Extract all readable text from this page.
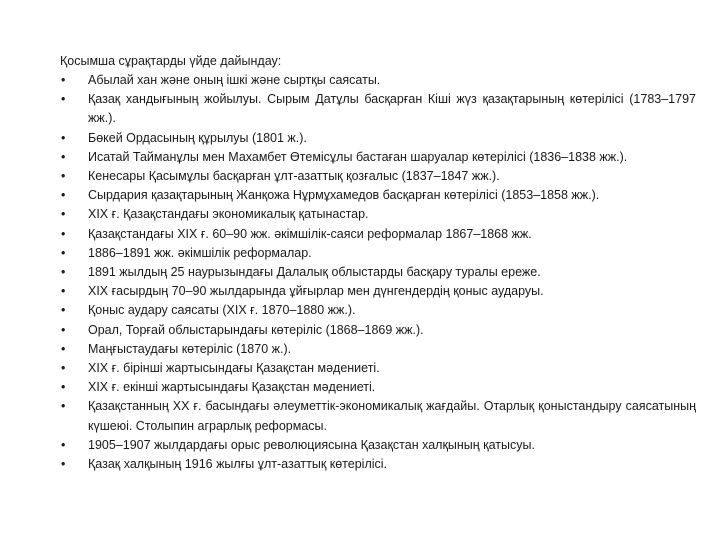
Қосымша сұрақтарды үйде дайындау:

•	Абылай хан және оның ішкі және сыртқы саясаты.
•	Қазақ хандығының жойылуы. Сырым Датұлы басқарған Кіші жүз қазақтарының көтерілісі (1783–1797 жж.).
•	Бөкей Ордасының құрылуы (1801 ж.).
•	Исатай Тайманұлы мен Махамбет Өтемісұлы бастаған шаруалар көтерілісі (1836–1838 жж.).
•	Кенесары Қасымұлы басқарған ұлт-азаттық қозғалыс (1837–1847 жж.).
•	Сырдария қазақтарының Жанқожа Нұрмұхамедов басқарған көтерілісі (1853–1858 жж.).
•	XIX ғ. Қазақстандағы экономикалық қатынастар.
•	Қазақстандағы XIX ғ. 60–90 жж. әкімшілік-саяси реформалар 1867–1868 жж.
•	1886–1891 жж. әкімшілік реформалар.
•	1891 жылдың 25 наурызындағы Далалық облыстарды басқару туралы ереже.
•	XIX ғасырдың 70–90 жылдарында ұйғырлар мен дүнгендердің қоныс аударуы.
•	Қоныс аудару саясаты (XIX ғ. 1870–1880 жж.).
•	Орал, Торғай облыстарындағы көтеріліс (1868–1869 жж.).
•	Маңғыстаудағы көтеріліс (1870 ж.).
•	XIX ғ. бірінші жартысындағы Қазақстан мәдениеті.
•	XIX ғ. екінші жартысындағы Қазақстан мәдениеті.
•	Қазақстанның XX ғ. басындағы әлеуметтік-экономикалық жағдайы. Отарлық қоныстандыру саясатының күшеюі. Столыпин аграрлық реформасы.
•	1905–1907 жылдардағы орыс революциясына Қазақстан халқының қатысуы.
•	Қазақ халқының 1916 жылғы ұлт-азаттық көтерілісі.
